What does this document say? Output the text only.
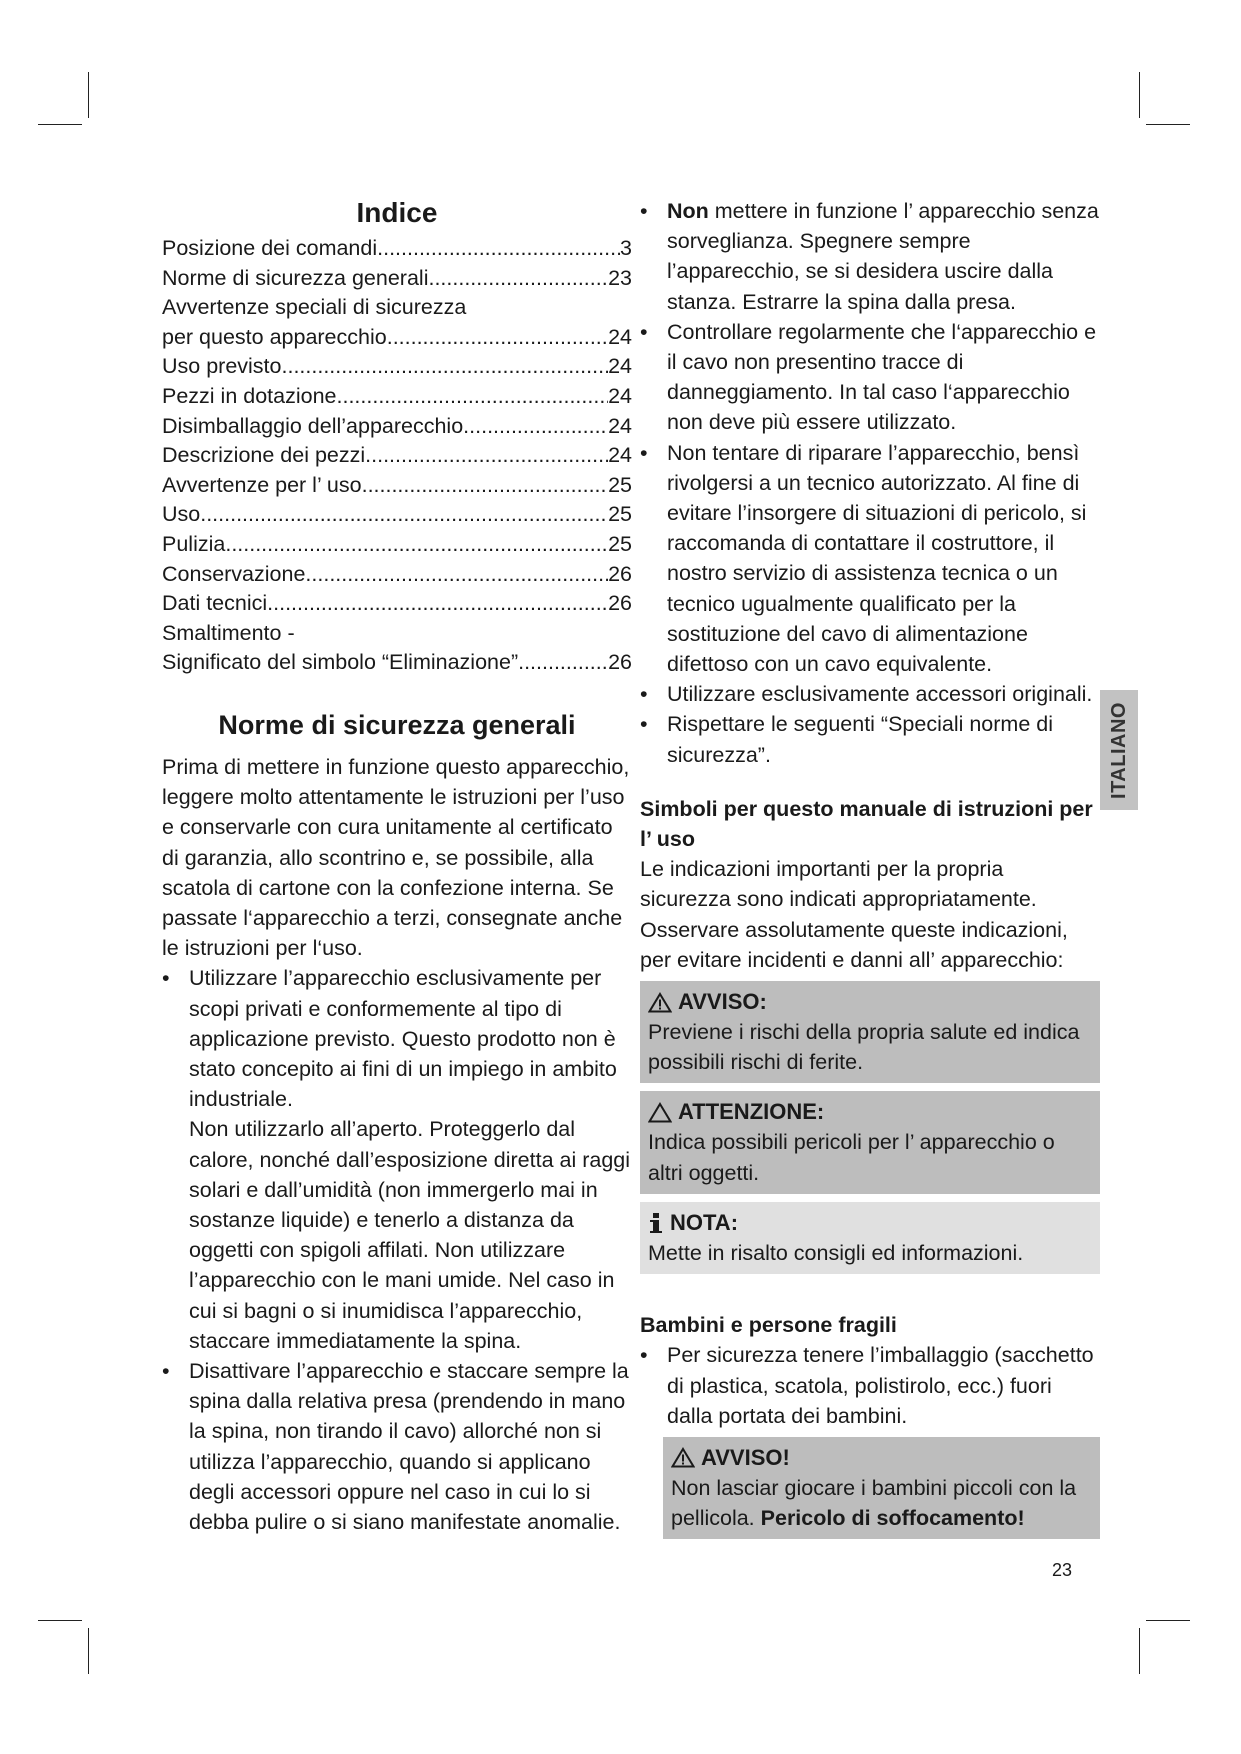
Indice
Posizione dei comandi .....	3
Norme di sicurezza generali .....	23
Avvertenze speciali di sicurezza
per questo apparecchio .....	24
Uso previsto .....	24
Pezzi in dotazione .....	24
Disimballaggio dell’apparecchio .....	24
Descrizione dei pezzi .....	24
Avvertenze per l’ uso .....	25
Uso .....	25
Pulizia .....	25
Conservazione .....	26
Dati tecnici .....	26
Smaltimento -
Significato del simbolo “Eliminazione” .....	26
Norme di sicurezza generali

Prima di mettere in funzione questo apparecchio, leggere molto attentamente le istruzioni per l’uso e conservarle con cura unitamente al certificato di garanzia, allo scontrino e, se possibile, alla scatola di cartone con la confezione interna. Se passate l‘apparecchio a terzi, consegnate anche le istruzioni per l‘uso.

• Utilizzare l’apparecchio esclusivamente per scopi privati e conformemente al tipo di applicazione previsto. Questo prodotto non è stato concepito ai fini di un impiego in ambito industriale.
Non utilizzarlo all’aperto. Proteggerlo dal calore, nonché dall’esposizione diretta ai raggi solari e dall’umidità (non immergerlo mai in sostanze liquide) e tenerlo a distanza da oggetti con spigoli affilati. Non utilizzare l’apparecchio con le mani umide. Nel caso in cui si bagni o si inumidisca l’apparecchio, staccare immediatamente la spina.
• Disattivare l’apparecchio e staccare sempre la spina dalla relativa presa (prendendo in mano la spina, non tirando il cavo) allorché non si utilizza l’apparecchio, quando si applicano degli accessori oppure nel caso in cui lo si debba pulire o si siano manifestate anomalie.
• Non mettere in funzione l’ apparecchio senza sorveglianza. Spegnere sempre l’apparecchio, se si desidera uscire dalla stanza. Estrarre la spina dalla presa.
• Controllare regolarmente che l‘apparecchio e il cavo non presentino tracce di danneggiamento. In tal caso l‘apparecchio non deve più essere utilizzato.
• Non tentare di riparare l’apparecchio, bensì rivolgersi a un tecnico autorizzato. Al fine di evitare l’insorgere di situazioni di pericolo, si raccomanda di contattare il costruttore, il nostro servizio di assistenza tecnica o un tecnico ugualmente qualificato per la sostituzione del cavo di alimentazione difettoso con un cavo equivalente.
• Utilizzare esclusivamente accessori originali.
• Rispettare le seguenti “Speciali norme di sicurezza”.
Simboli per questo manuale di istruzioni per l’ uso

Le indicazioni importanti per la propria sicurezza sono indicati appropriatamente. Osservare assolutamente queste indicazioni, per evitare incidenti e danni all’ apparecchio:

AVVISO:

Previene i rischi della propria salute ed indica possibili rischi di ferite.

ATTENZIONE:

Indica possibili pericoli per l’ apparecchio o altri oggetti.

NOTA:

Mette in risalto consigli ed informazioni.

Bambini e persone fragili
• Per sicurezza tenere l’imballaggio (sacchetto di plastica, scatola, polistirolo, ecc.) fuori dalla portata dei bambini.
AVVISO!

Non lasciar giocare i bambini piccoli con la pellicola. Pericolo di soffocamento!

ITALIANO
23
